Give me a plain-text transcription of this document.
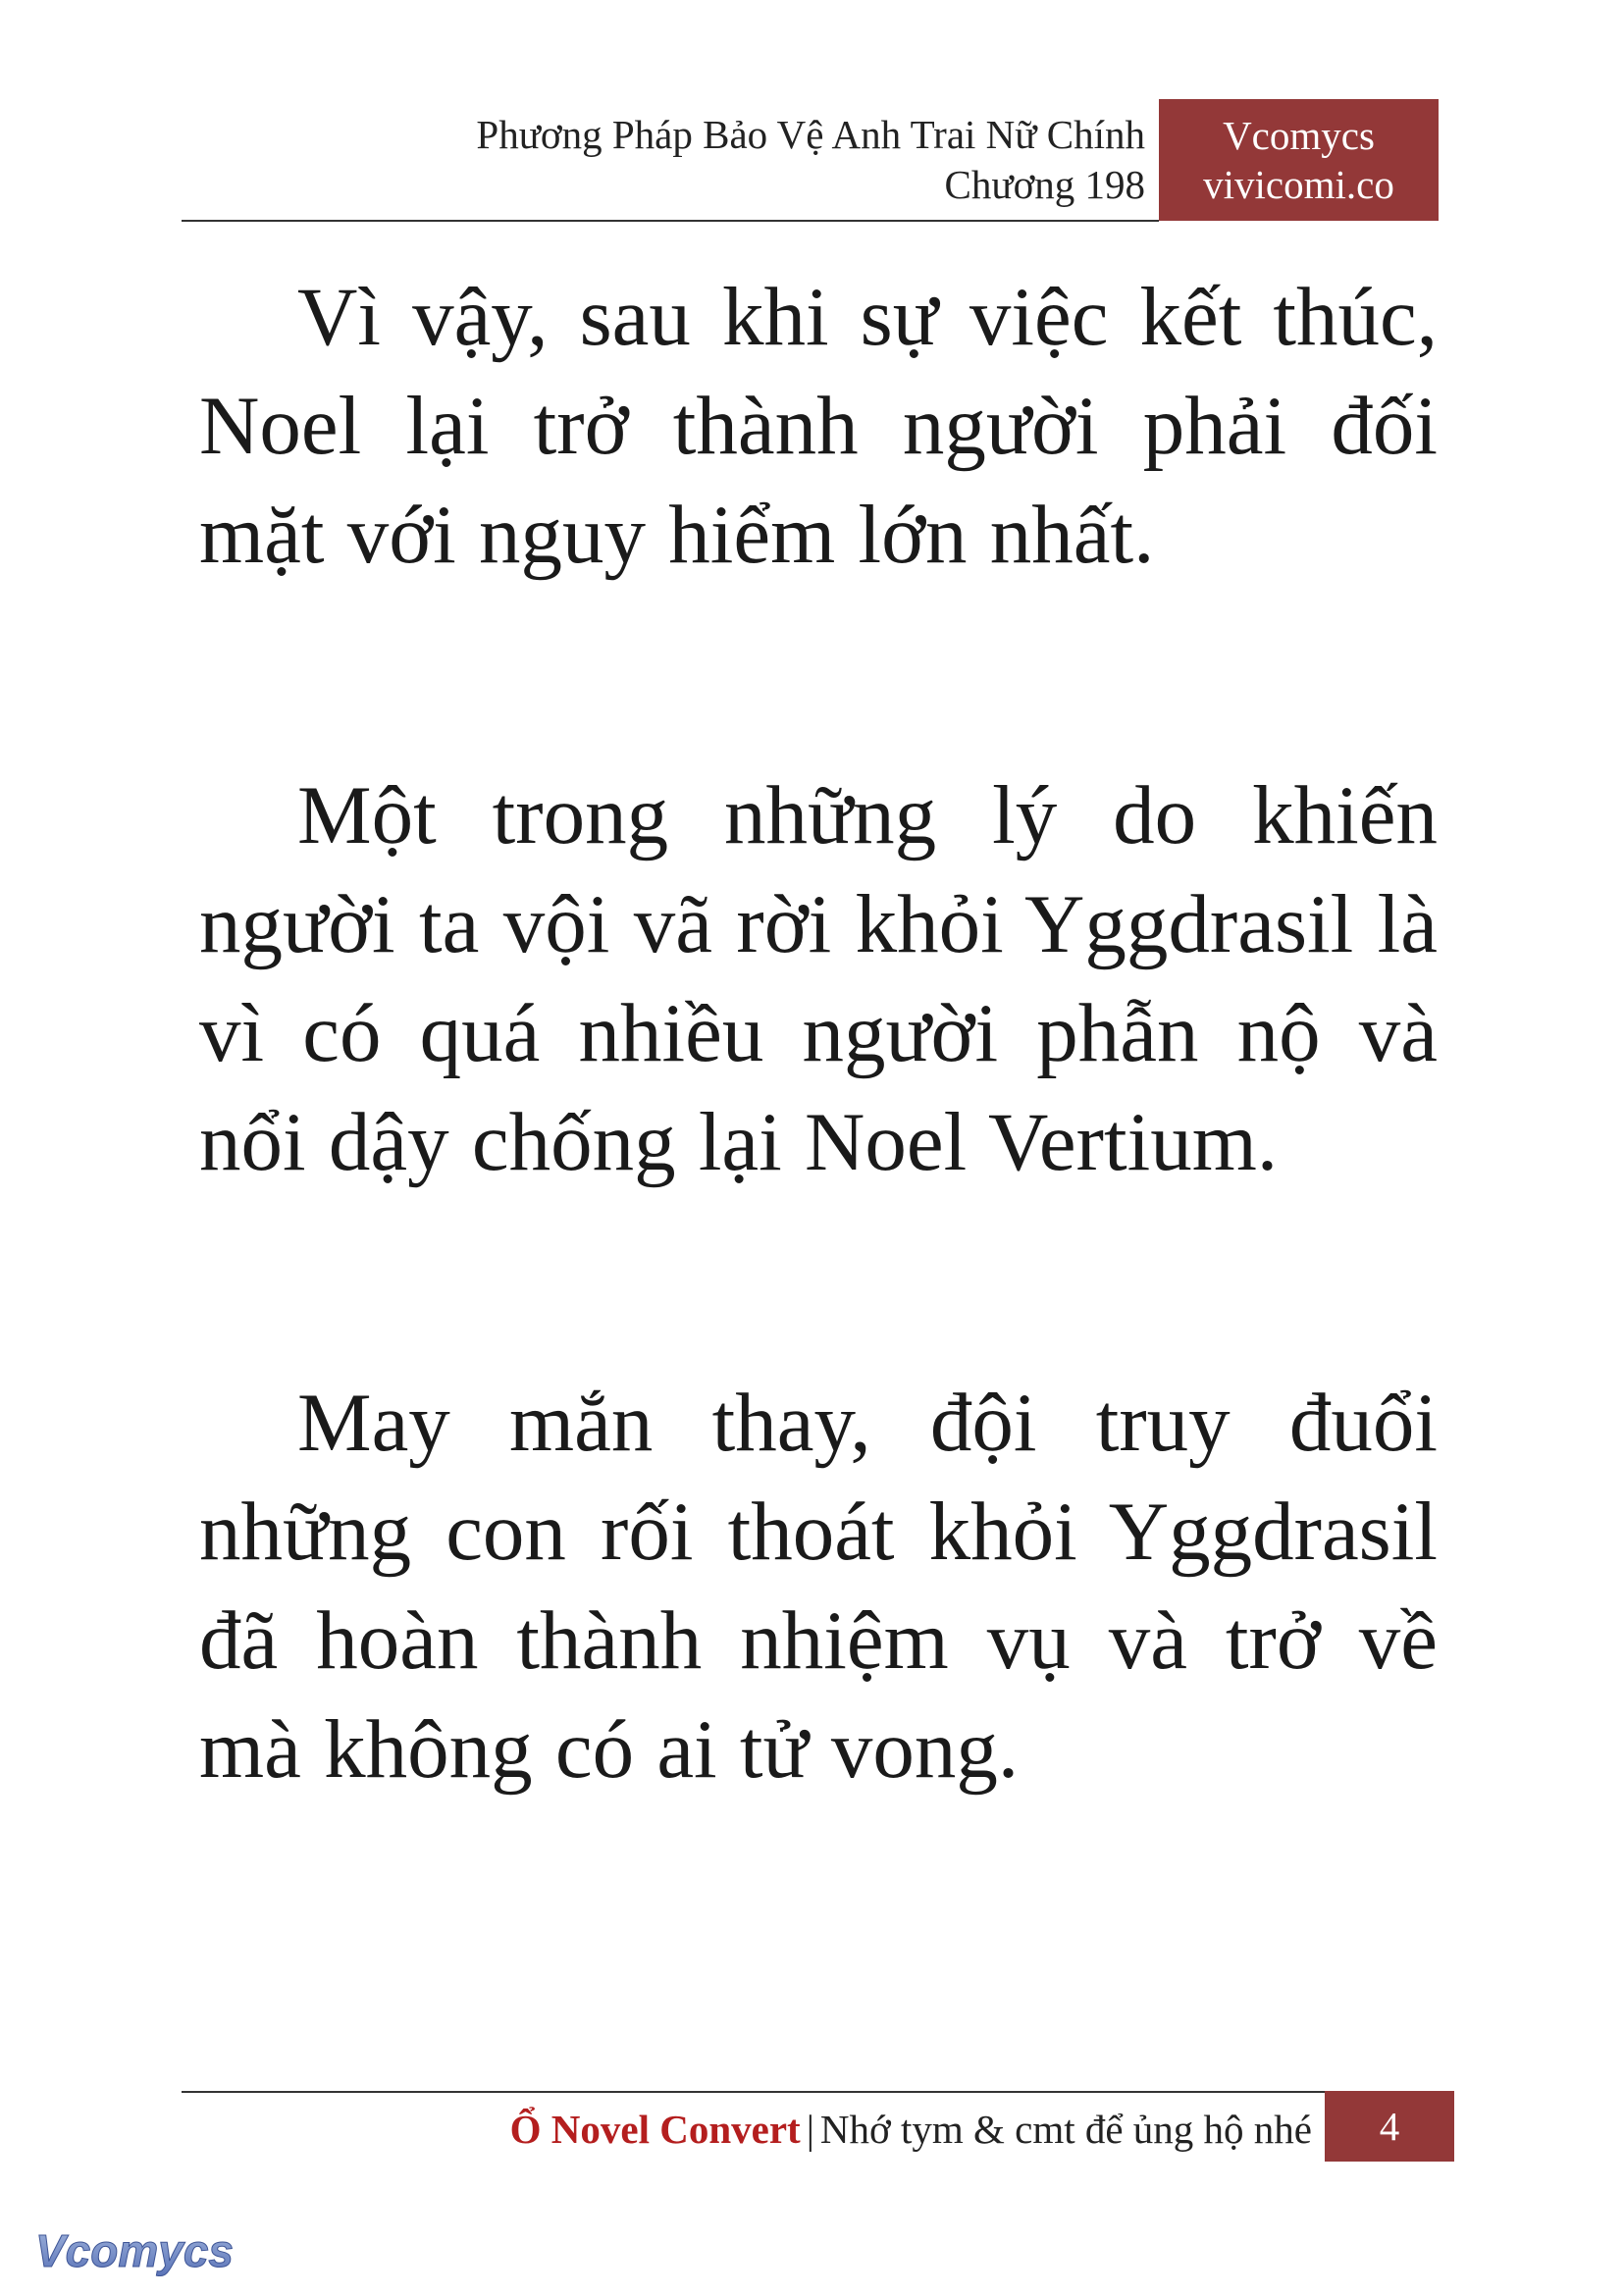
Phương Pháp Bảo Vệ Anh Trai Nữ Chính
Chương 198
Vcomycs
vivicomi.co

Vì vậy, sau khi sự việc kết thúc, Noel lại trở thành người phải đối mặt với nguy hiểm lớn nhất.

Một trong những lý do khiến người ta vội vã rời khỏi Yggdrasil là vì có quá nhiều người phẫn nộ và nổi dậy chống lại Noel Vertium.

May mắn thay, đội truy đuổi những con rối thoát khỏi Yggdrasil đã hoàn thành nhiệm vụ và trở về mà không có ai tử vong.

Ổ Novel Convert | Nhớ tym & cmt để ủng hộ nhé	4
Vcomycs
